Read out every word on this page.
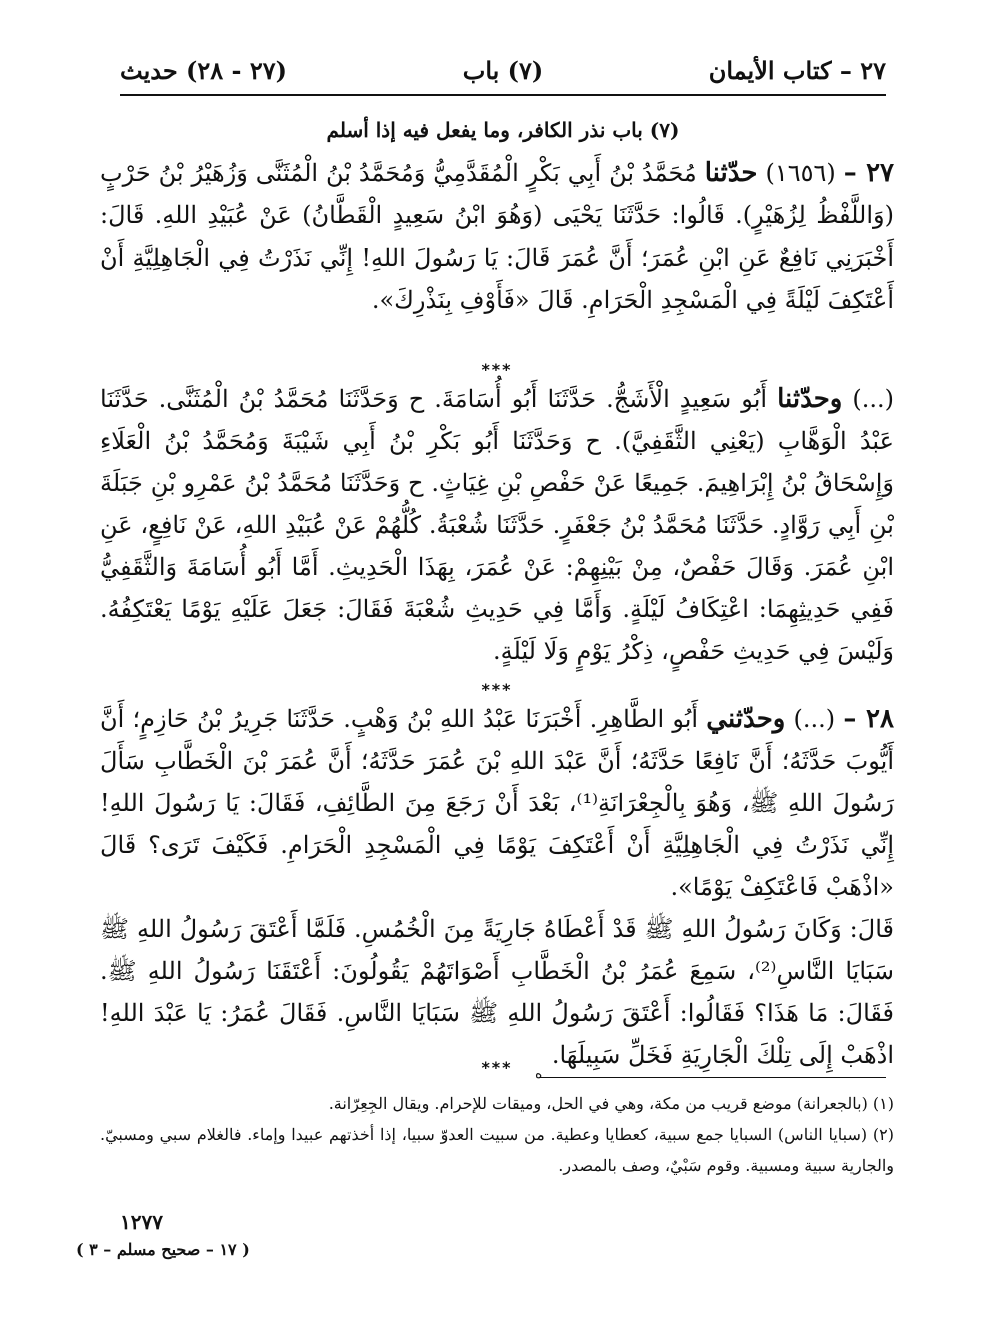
٢٧ – كتاب الأيمان
(٧) باب
(٢٧ - ٢٨) حديث
(٧) باب نذر الكافر، وما يفعل فيه إذا أسلم
٢٧ – (١٦٥٦) حدّثنا مُحَمَّدُ بْنُ أَبِي بَكْرٍ الْمُقَدَّمِيُّ وَمُحَمَّدُ بْنُ الْمُثَنَّى وَزُهَيْرُ بْنُ حَرْبٍ (وَاللَّفْظُ لِزُهَيْرٍ). قَالُوا: حَدَّثَنَا يَحْيَى (وَهُوَ ابْنُ سَعِيدٍ الْقَطَّانُ) عَنْ عُبَيْدِ اللهِ. قَالَ: أَخْبَرَنِي نَافِعٌ عَنِ ابْنِ عُمَرَ؛ أَنَّ عُمَرَ قَالَ: يَا رَسُولَ اللهِ! إِنِّي نَذَرْتُ فِي الْجَاهِلِيَّةِ أَنْ أَعْتَكِفَ لَيْلَةً فِي الْمَسْجِدِ الْحَرَامِ. قَالَ «فَأَوْفِ بِنَذْرِكَ».
***
(...) وحدّثنا أَبُو سَعِيدٍ الْأَشَجُّ. حَدَّثَنَا أَبُو أُسَامَةَ. ح وَحَدَّثَنَا مُحَمَّدُ بْنُ الْمُثَنَّى. حَدَّثَنَا عَبْدُ الْوَهَّابِ (يَعْنِي الثَّقَفِيَّ). ح وَحَدَّثَنَا أَبُو بَكْرِ بْنُ أَبِي شَيْبَةَ وَمُحَمَّدُ بْنُ الْعَلَاءِ وَإِسْحَاقُ بْنُ إِبْرَاهِيمَ. جَمِيعًا عَنْ حَفْصِ بْنِ غِيَاثٍ. ح وَحَدَّثَنَا مُحَمَّدُ بْنُ عَمْرِو بْنِ جَبَلَةَ بْنِ أَبِي رَوَّادٍ. حَدَّثَنَا مُحَمَّدُ بْنُ جَعْفَرٍ. حَدَّثَنَا شُعْبَةُ. كُلُّهُمْ عَنْ عُبَيْدِ اللهِ، عَنْ نَافِعٍ، عَنِ ابْنِ عُمَرَ. وَقَالَ حَفْصٌ، مِنْ بَيْنِهِمْ: عَنْ عُمَرَ، بِهَذَا الْحَدِيثِ. أَمَّا أَبُو أُسَامَةَ وَالثَّقَفِيُّ فَفِي حَدِيثِهِمَا: اعْتِكَافُ لَيْلَةٍ. وَأَمَّا فِي حَدِيثِ شُعْبَةَ فَقَالَ: جَعَلَ عَلَيْهِ يَوْمًا يَعْتَكِفُهُ. وَلَيْسَ فِي حَدِيثِ حَفْصٍ، ذِكْرُ يَوْمٍ وَلَا لَيْلَةٍ.
***
٢٨ – (...) وحدّثني أَبُو الطَّاهِرِ. أَخْبَرَنَا عَبْدُ اللهِ بْنُ وَهْبٍ. حَدَّثَنَا جَرِيرُ بْنُ حَازِمٍ؛ أَنَّ أَيُّوبَ حَدَّثَهُ؛ أَنَّ نَافِعًا حَدَّثَهُ؛ أَنَّ عَبْدَ اللهِ بْنَ عُمَرَ حَدَّثَهُ؛ أَنَّ عُمَرَ بْنَ الْخَطَّابِ سَأَلَ رَسُولَ اللهِ ﷺ، وَهُوَ بِالْجِعْرَانَةِ⁽¹⁾، بَعْدَ أَنْ رَجَعَ مِنَ الطَّائِفِ، فَقَالَ: يَا رَسُولَ اللهِ! إِنِّي نَذَرْتُ فِي الْجَاهِلِيَّةِ أَنْ أَعْتَكِفَ يَوْمًا فِي الْمَسْجِدِ الْحَرَامِ. فَكَيْفَ تَرَى؟ قَالَ «اذْهَبْ فَاعْتَكِفْ يَوْمًا».
قَالَ: وَكَانَ رَسُولُ اللهِ ﷺ قَدْ أَعْطَاهُ جَارِيَةً مِنَ الْخُمُسِ. فَلَمَّا أَعْتَقَ رَسُولُ اللهِ ﷺ سَبَايَا النَّاسِ⁽²⁾، سَمِعَ عُمَرُ بْنُ الْخَطَّابِ أَصْوَاتَهُمْ يَقُولُونَ: أَعْتَقَنَا رَسُولُ اللهِ ﷺ. فَقَالَ: مَا هَذَا؟ فَقَالُوا: أَعْتَقَ رَسُولُ اللهِ ﷺ سَبَايَا النَّاسِ. فَقَالَ عُمَرُ: يَا عَبْدَ اللهِ! اذْهَبْ إِلَى تِلْكَ الْجَارِيَةِ فَخَلِّ سَبِيلَهَا.
***	ه
(١) (بالجعرانة) موضع قريب من مكة، وهي في الحل، وميقات للإحرام. ويقال الجِعِرّانة.
(٢) (سبايا الناس) السبايا جمع سبية، كعطايا وعطية. من سبيت العدوّ سبيا، إذا أخذتهم عبيدا وإماء. فالغلام سبي ومسبيّ. والجارية سبية ومسبية. وقوم سَبْيٌ، وصف بالمصدر.
١٢٧٧
( ١٧ – صحيح مسلم – ٣ )
